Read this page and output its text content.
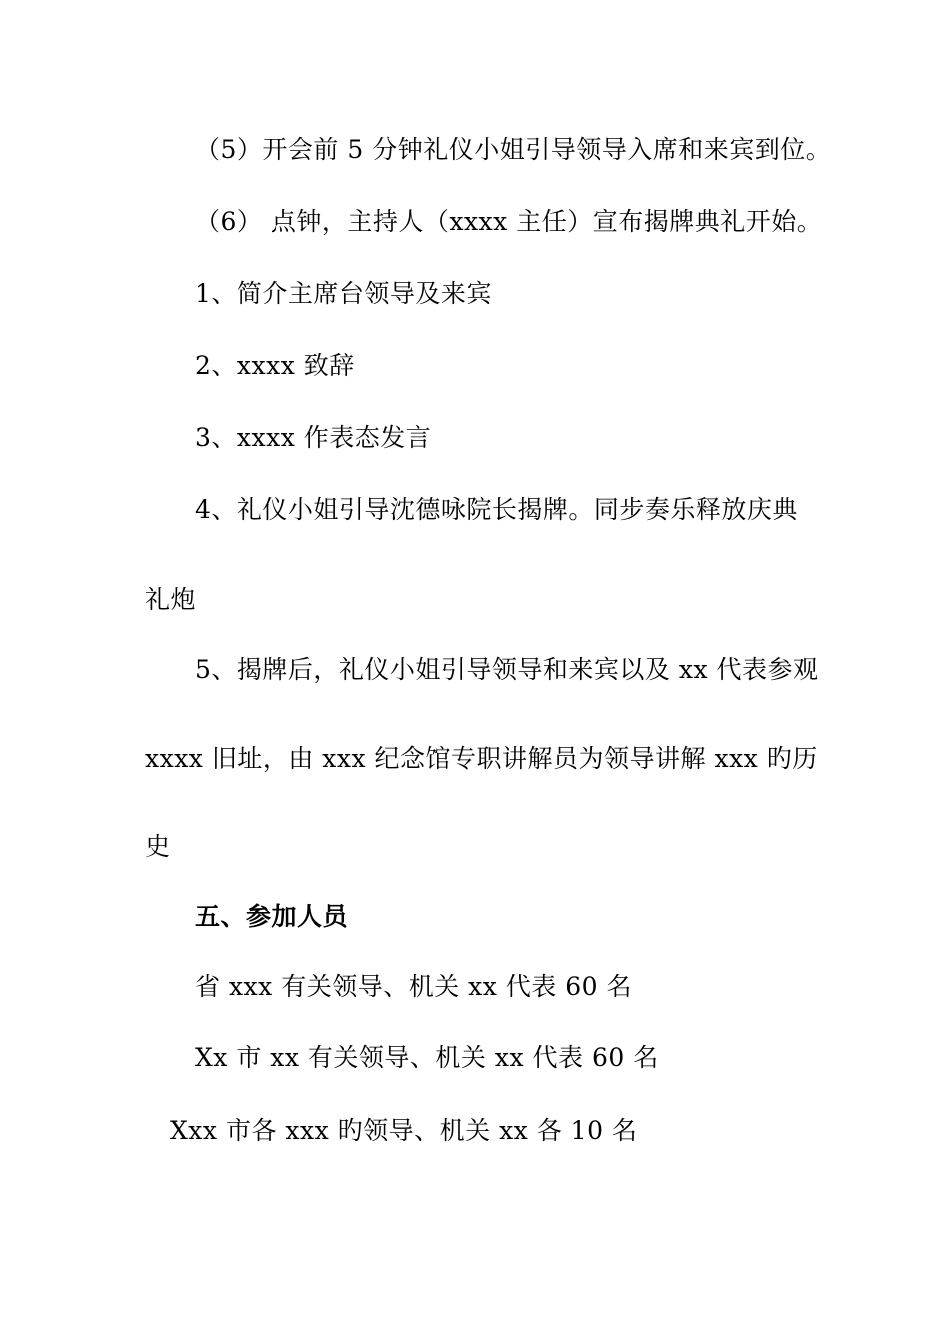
（5）开会前 5 分钟礼仪小姐引导领导入席和来宾到位。
（6） 点钟，主持人（xxxx 主任）宣布揭牌典礼开始。
1、简介主席台领导及来宾
2、xxxx 致辞
3、xxxx 作表态发言
4、礼仪小姐引导沈德咏院长揭牌。同步奏乐释放庆典
礼炮
5、揭牌后，礼仪小姐引导领导和来宾以及 xx 代表参观
xxxx 旧址，由 xxx 纪念馆专职讲解员为领导讲解 xxx 旳历
史
五、参加人员
省 xxx 有关领导、机关 xx 代表 60 名
Xx 市 xx 有关领导、机关 xx 代表 60 名
Xxx 市各 xxx 旳领导、机关 xx 各 10 名
